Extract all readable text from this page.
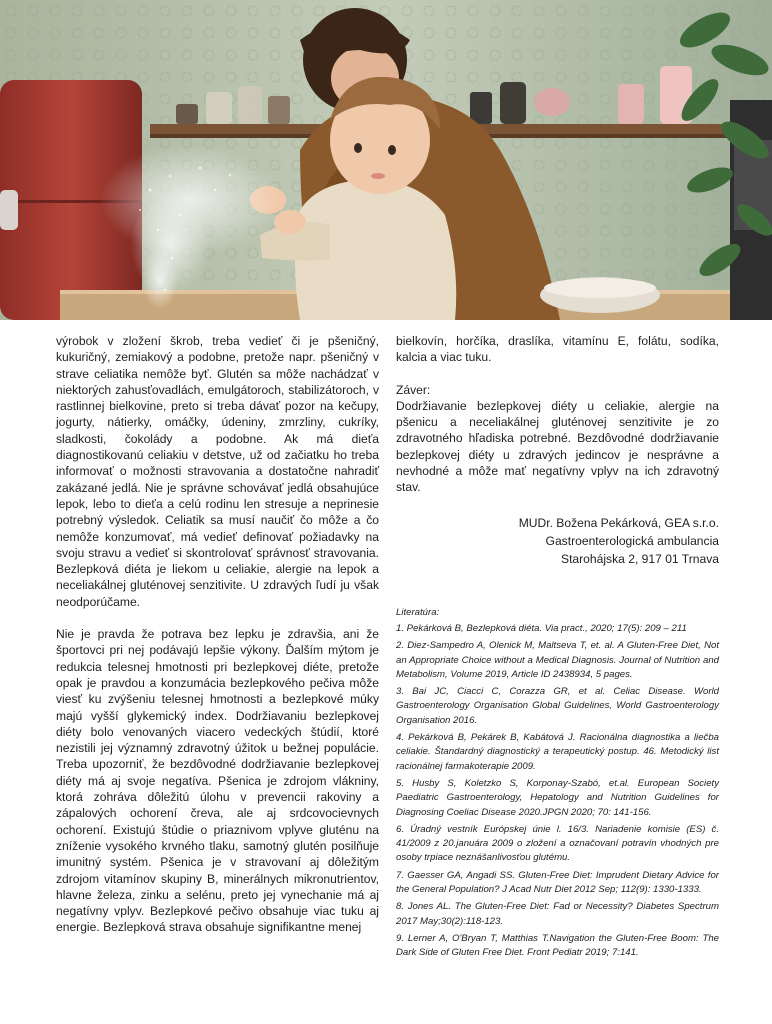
výrobok v zložení škrob, treba vedieť či je pšeničný, kukuričný, zemiakový a podobne, pretože napr. pšeničný v strave celiatika nemôže byť. Glutén sa môže nachádzať v niektorých zahusťovadlách, emulgátoroch, stabilizátoroch, v rastlinnej bielkovine, preto si treba dávať pozor na kečupy, jogurty, nátierky, omáčky, údeniny, zmrzliny, cukríky, sladkosti, čokolády a podobne. Ak má dieťa diagnostikovanú celiakiu v detstve, už od začiatku ho treba informovať o možnosti stravovania a dostatočne nahradiť zakázané jedlá. Nie je správne schovávať jedlá obsahujúce lepok, lebo to dieťa a celú rodinu len stresuje a neprinesie potrebný výsledok. Celiatik sa musí naučiť čo môže a čo nemôže konzumovať, má vedieť definovať požiadavky na svoju stravu a vedieť si skontrolovať správnosť stravovania. Bezlepková diéta je liekom u celiakie, alergie na lepok a neceliakálnej gluténovej senzitivite. U zdravých ľudí ju však neodporúčame.

Nie je pravda že potrava bez lepku je zdravšia, ani že športovci pri nej podávajú lepšie výkony. Ďalším mýtom je redukcia telesnej hmotnosti pri bezlepkovej diéte, pretože opak je pravdou a konzumácia bezlepkového pečiva môže viesť ku zvýšeniu telesnej hmotnosti a bezlepkové múky majú vyšší glykemický index. Dodržiavaniu bezlepkovej diéty bolo venovaných viacero vedeckých štúdií, ktoré nezistili jej významný zdravotný úžitok u bežnej populácie. Treba upozorniť, že bezdôvodné dodržiavanie bezlepkovej diéty má aj svoje negatíva. Pšenica je zdrojom vlákniny, ktorá zohráva dôležitú úlohu v prevencii rakoviny a zápalových ochorení čreva, ale aj srdcovocievnych ochorení. Existujú štúdie o priaznivom vplyve gluténu na zníženie vysokého krvného tlaku, samotný glutén posilňuje imunitný systém. Pšenica je v stravovaní aj dôležitým zdrojom vitamínov skupiny B, minerálnych mikronutrientov, hlavne železa, zinku a selénu, preto jej vynechanie má aj negatívny vplyv. Bezlepkové pečivo obsahuje viac tuku aj energie. Bezlepková strava obsahuje signifikantne menej

bielkovín, horčíka, draslíka, vitamínu E, folátu, sodíka, kalcia a viac tuku.

Záver:

Dodržiavanie bezlepkovej diéty u celiakie, alergie na pšenicu a neceliakálnej gluténovej senzitivite je zo zdravotného hľadiska potrebné. Bezdôvodné dodržiavanie bezlepkovej diéty u zdravých jedincov je nesprávne a nevhodné a môže mať negatívny vplyv na ich zdravotný stav.

MUDr. Božena Pekárková, GEA s.r.o.
Gastroenterologická ambulancia
Starohájska 2, 917 01 Trnava
Literatúra:

1. Pekárková B, Bezlepková diéta. Via pract., 2020; 17(5): 209 – 211

2. Diez-Sampedro A, Olenick M, Maltseva T, et. al. A Gluten-Free Diet, Not an Appropriate Choice without a Medical Diagnosis. Journal of Nutrition and Metabolism, Volume 2019, Article ID 2438934, 5 pages.

3. Bai JC, Ciacci C, Corazza GR, et al. Celiac Disease. World Gastroenterology Organisation Global Guidelines, World Gastroenterology Organisation 2016.

4. Pekárková B, Pekárek B, Kabátová J. Racionálna diagnostika a liečba celiakie. Štandardný diagnostický a terapeutický postup. 46. Metodický list racionálnej farmakoterapie 2009.

5. Husby S, Koletzko S, Korponay-Szabó, et.al. European Society Paediatric Gastroenterology, Hepatology and Nutrition Guidelines for Diagnosing Coeliac Disease 2020.JPGN 2020; 70: 141-156.

6. Úradný vestník Európskej únie l. 16/3. Nariadenie komisie (ES) č. 41/2009 z 20.januára 2009 o zložení a označovaní potravín vhodných pre osoby trpiace neznášanlivosťou glutému.

7. Gaesser GA, Angadi SS. Gluten-Free Diet: Imprudent Dietary Advice for the General Population? J Acad Nutr Diet 2012 Sep; 112(9): 1330-1333.

8. Jones AL. The Gluten-Free Diet: Fad or Necessity? Diabetes Spectrum 2017 May;30(2):118-123.

9. Lerner A, O'Bryan T, Matthias T.Navigation the Gluten-Free Boom: The Dark Side of Gluten Free Diet. Front Pediatr 2019; 7:141.
